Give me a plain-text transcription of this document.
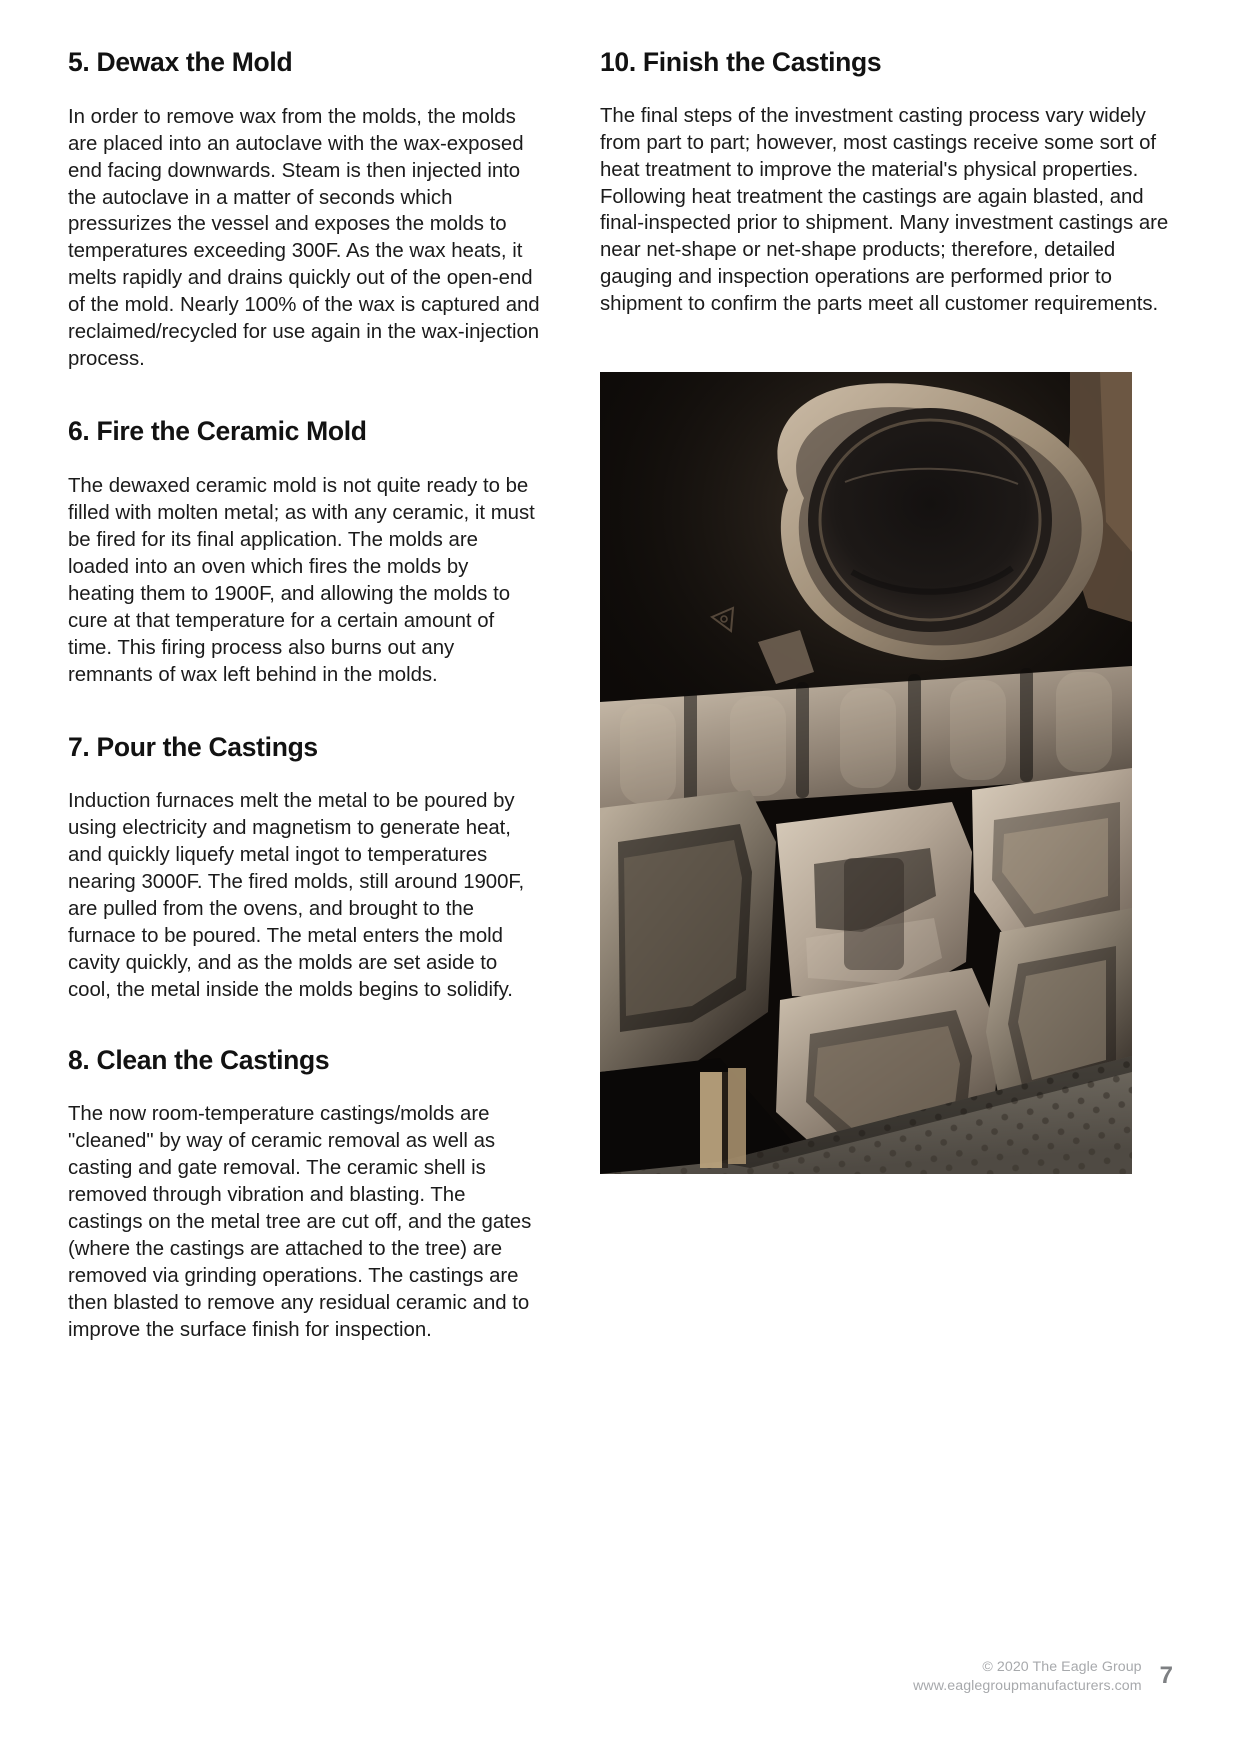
5. Dewax the Mold

In order to remove wax from the molds, the molds are placed into an autoclave with the wax-exposed end facing downwards. Steam is then injected into the autoclave in a matter of seconds which pressurizes the vessel and exposes the molds to temperatures exceeding 300F. As the wax heats, it melts rapidly and drains quickly out of the open-end of the mold. Nearly 100% of the wax is captured and reclaimed/recycled for use again in the wax-injection process.

6. Fire the Ceramic Mold

The dewaxed ceramic mold is not quite ready to be filled with molten metal; as with any ceramic, it must be fired for its final application. The molds are loaded into an oven which fires the molds by heating them to 1900F, and allowing the molds to cure at that temperature for a certain amount of time. This firing process also burns out any remnants of wax left behind in the molds.

7. Pour the Castings

Induction furnaces melt the metal to be poured by using electricity and magnetism to generate heat, and quickly liquefy metal ingot to temperatures nearing 3000F. The fired molds, still around 1900F, are pulled from the ovens, and brought to the furnace to be poured. The metal enters the mold cavity quickly, and as the molds are set aside to cool, the metal inside the molds begins to solidify.

8. Clean the Castings

The now room-temperature castings/molds are "cleaned" by way of ceramic removal as well as casting and gate removal. The ceramic shell is removed through vibration and blasting. The castings on the metal tree are cut off, and the gates (where the castings are attached to the tree) are removed via grinding operations. The castings are then blasted to remove any residual ceramic and to improve the surface finish for inspection.

10. Finish the Castings

The final steps of the investment casting process vary widely from part to part; however, most castings receive some sort of heat treatment to improve the material's physical properties. Following heat treatment the castings are again blasted, and final-inspected prior to shipment. Many investment castings are near net-shape or net-shape products; therefore, detailed gauging and inspection operations are performed prior to shipment to confirm the parts meet all customer requirements.

© 2020 The Eagle Group
www.eaglegroupmanufacturers.com 7
